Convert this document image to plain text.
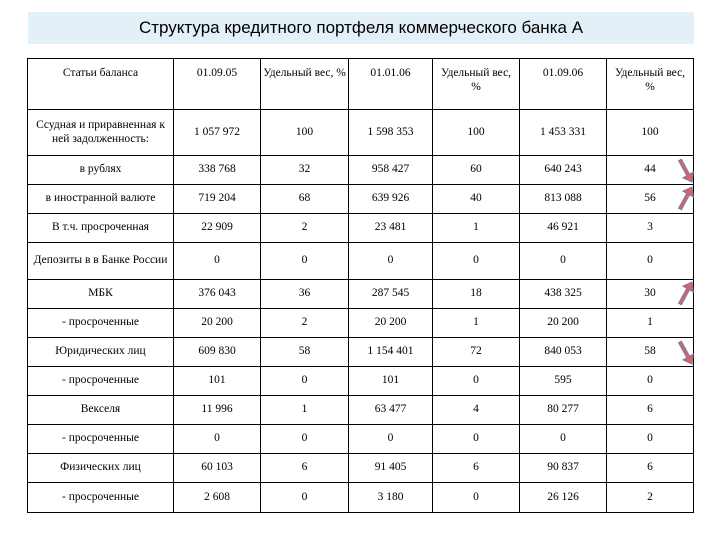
Структура кредитного портфеля коммерческого банка А
Статьи баланса	01.09.05	Удельный вес, %	01.01.06	Удельный вес, %	01.09.06	Удельный вес, %
Ссудная и приравненная к ней задолженность:	1 057 972	100	1 598 353	100	1 453 331	100
в рублях	338 768	32	958 427	60	640 243	44
в иностранной валюте	719 204	68	639 926	40	813 088	56
В т.ч. просроченная	22 909	2	23 481	1	46 921	3
Депозиты в в Банке России	0	0	0	0	0	0
МБК	376 043	36	287 545	18	438 325	30
- просроченные	20 200	2	20 200	1	20 200	1
Юридических лиц	609 830	58	1 154 401	72	840 053	58
- просроченные	101	0	101	0	595	0
Векселя	11 996	1	63 477	4	80 277	6
- просроченные	0	0	0	0	0	0
Физических лиц	60 103	6	91 405	6	90 837	6
- просроченные	2 608	0	3 180	0	26 126	2
